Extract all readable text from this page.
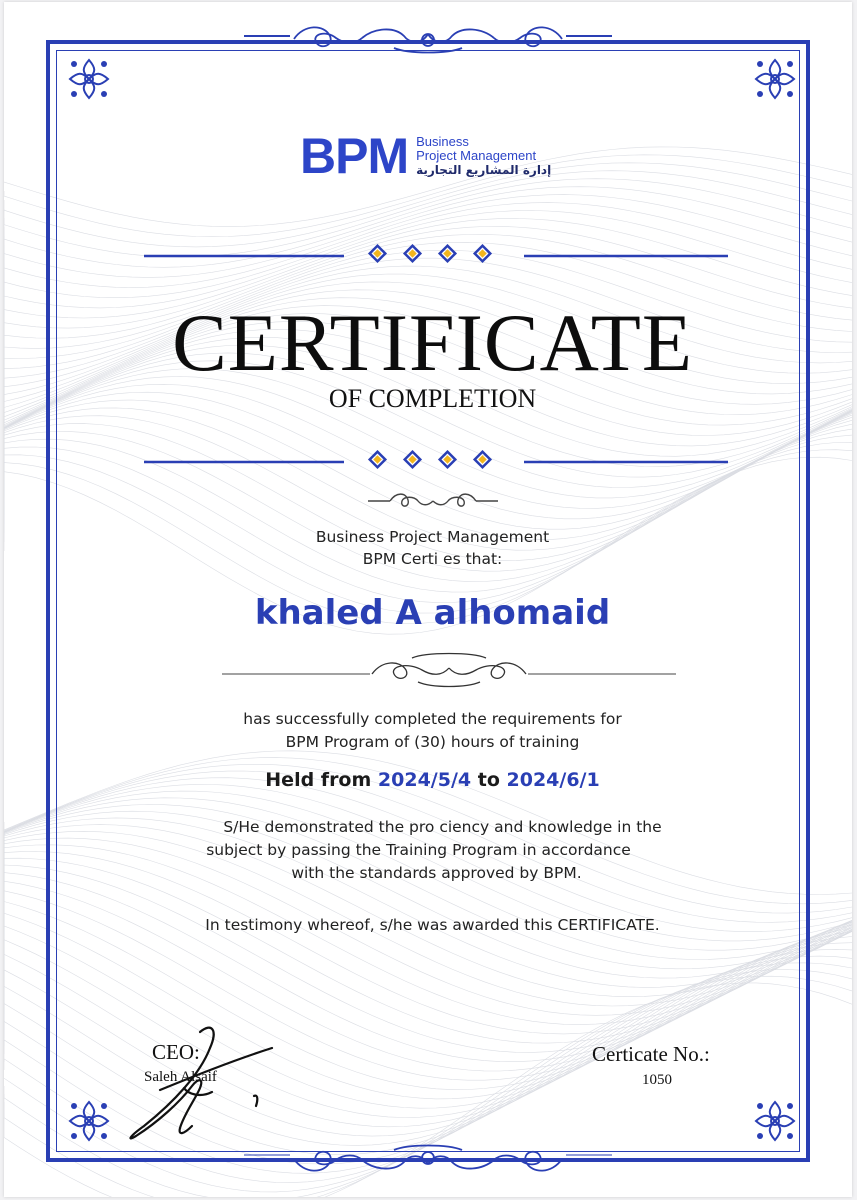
BPM Business
Project Management
إدارة المشاريع التجارية
CERTIFICATE
OF COMPLETION
Business Project Management
BPM Certi es that:
khaled A alhomaid
has successfully completed the requirements for
BPM Program of (30) hours of training
Held from 2024/5/4 to 2024/6/1
S/He demonstrated the pro ciency and knowledge in the
subject by passing the Training Program in accordance
with the standards approved by BPM.
In testimony whereof, s/he was awarded this CERTIFICATE.
CEO:
Saleh Alsaif
Certicate No.:
1050
